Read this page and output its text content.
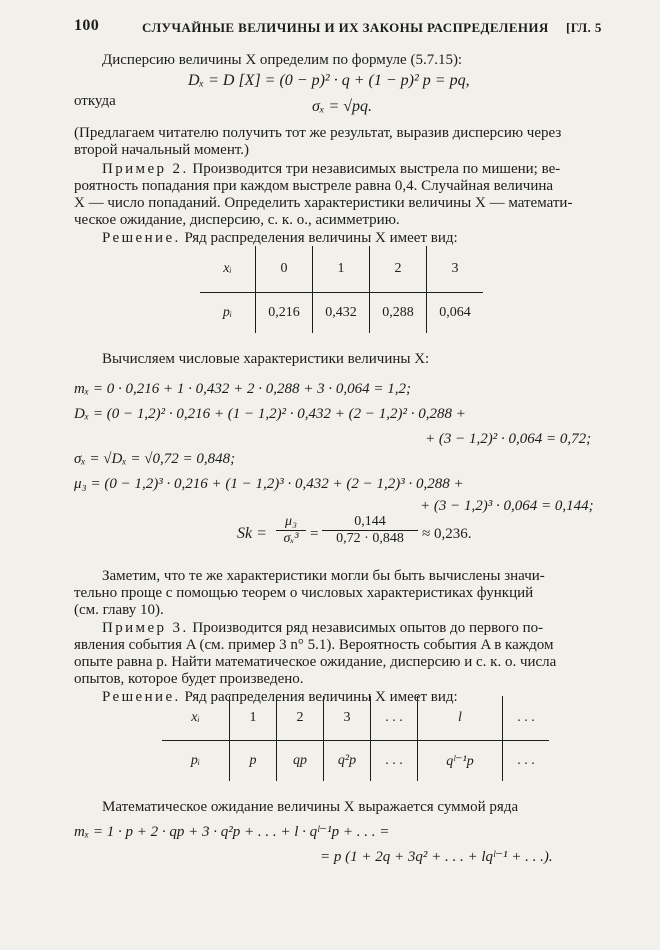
100	СЛУЧАЙНЫЕ ВЕЛИЧИНЫ И ИХ ЗАКОНЫ РАСПРЕДЕЛЕНИЯ [ГЛ. 5
Дисперсию величины X определим по формуле (5.7.15):
Dₓ = D [X] = (0 − p)² · q + (1 − p)² p = pq,
откуда	σₓ = √pq.
(Предлагаем читателю получить тот же результат, выразив дисперсию через
второй начальный момент.)
Пример 2. Производится три независимых выстрела по мишени; ве-
роятность попадания при каждом выстреле равна 0,4. Случайная величина
X — число попаданий. Определить характеристики величины X — математи-
ческое ожидание, дисперсию, с. к. о., асимметрию.
Решение. Ряд распределения величины X имеет вид:
xᵢ	0	1	2	3
pᵢ	0,216	0,432	0,288	0,064
Вычисляем числовые характеристики величины X:
mₓ = 0 · 0,216 + 1 · 0,432 + 2 · 0,288 + 3 · 0,064 = 1,2;
Dₓ = (0 − 1,2)² · 0,216 + (1 − 1,2)² · 0,432 + (2 − 1,2)² · 0,288 +
+ (3 − 1,2)² · 0,064 = 0,72;
σₓ = √Dₓ = √0,72 = 0,848;
μ₃ = (0 − 1,2)³ · 0,216 + (1 − 1,2)³ · 0,432 + (2 − 1,2)³ · 0,288 +
+ (3 − 1,2)³ · 0,064 = 0,144;
$Sk = \frac{\text{μ₃}}{\text{σₓ³}} = \frac{0,144}{0,72 \cdot 0,848} \approx 0,236$.
Заметим, что те же характеристики могли бы быть вычислены значи-
тельно проще с помощью теорем о числовых характеристиках функций
(см. главу 10).
Пример 3. Производится ряд независимых опытов до первого по-
явления события A (см. пример 3 n° 5.1). Вероятность события A в каждом
опыте равна p. Найти математическое ожидание, дисперсию и с. к. о. числа
опытов, которое будет произведено.
Решение. Ряд распределения величины X имеет вид:
xᵢ	1	2	3	. . .	l	. . .
pᵢ	p	qp	q²p	. . .	qˡ⁻¹p	. . .
Математическое ожидание величины X выражается суммой ряда
mₓ = 1 · p + 2 · qp + 3 · q²p + . . . + l · qˡ⁻¹p + . . . =
= p (1 + 2q + 3q² + . . . + lqˡ⁻¹ + . . .).
